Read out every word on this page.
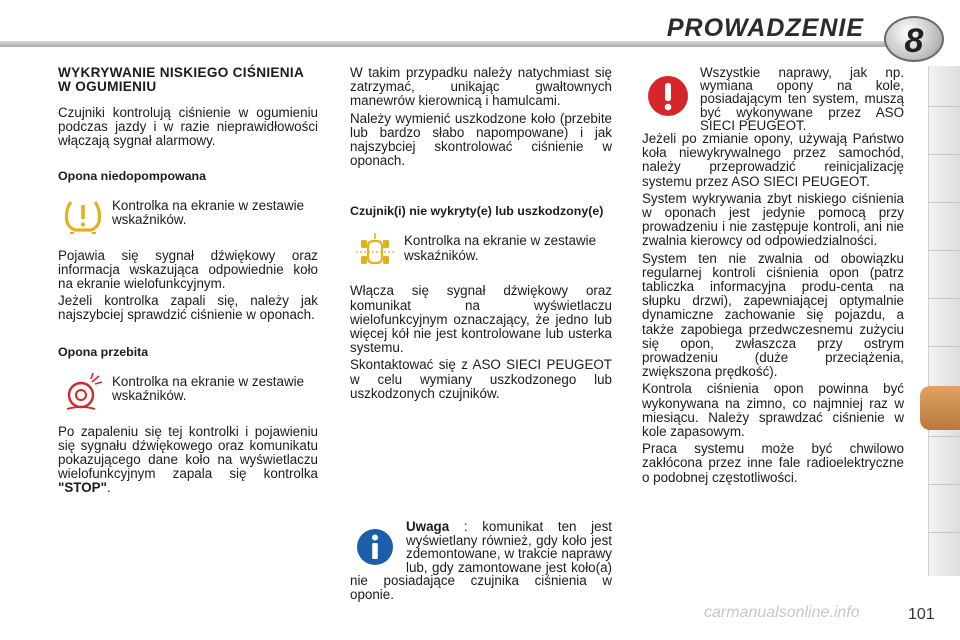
PROWADZENIE	8
WYKRYWANIE NISKIEGO CIŚNIENIA W OGUMIENIU

Czujniki kontrolują ciśnienie w ogumieniu podczas jazdy i w razie nieprawidłowości włączają sygnał alarmowy.

Opona niedopompowana
Kontrolka na ekranie w zestawie wskaźników.

Pojawia się sygnał dźwiękowy oraz informacja wskazująca odpowiednie koło na ekranie wielofunkcyjnym.

Jeżeli kontrolka zapali się, należy jak najszybciej sprawdzić ciśnienie w oponach.

Opona przebita
Kontrolka na ekranie w zestawie wskaźników.

Po zapaleniu się tej kontrolki i pojawieniu się sygnału dźwiękowego oraz komunikatu pokazującego dane koło na wyświetlaczu wielofunkcyjnym zapala się kontrolka "STOP".

W takim przypadku należy natychmiast się zatrzymać, unikając gwałtownych manewrów kierownicą i hamulcami.

Należy wymienić uszkodzone koło (przebite lub bardzo słabo napompowane) i jak najszybciej skontrolować ciśnienie w oponach.

Czujnik(i) nie wykryty(e) lub uszkodzony(e)
Kontrolka na ekranie w zestawie wskaźników.

Włącza się sygnał dźwiękowy oraz komunikat na wyświetlaczu wielofunkcyjnym oznaczający, że jedno lub więcej kół nie jest kontrolowane lub usterka systemu.

Skontaktować się z ASO SIECI PEUGEOT w celu wymiany uszkodzonego lub uszkodzonych czujników.

Uwaga : komunikat ten jest wyświetlany również, gdy koło jest zdemontowane, w trakcie naprawy lub, gdy zamontowane jest koło(a) nie posiadające czujnika ciśnienia w oponie.
Wszystkie naprawy, jak np. wymiana opony na kole, posiadającym ten system, muszą być wykonywane przez ASO SIECI PEUGEOT.

Jeżeli po zmianie opony, używają Państwo koła niewykrywalnego przez samochód, należy przeprowadzić reinicjalizację systemu przez ASO SIECI PEUGEOT.

System wykrywania zbyt niskiego ciśnienia w oponach jest jedynie pomocą przy prowadzeniu i nie zastępuje kontroli, ani nie zwalnia kierowcy od odpowiedzialności.

System ten nie zwalnia od obowiązku regularnej kontroli ciśnienia opon (patrz tabliczka informacyjna produ-centa na słupku drzwi), zapewniającej optymalnie dynamiczne zachowanie się pojazdu, a także zapobiega przedwczesnemu zużyciu się opon, zwłaszcza przy ostrym prowadzeniu (duże przeciążenia, zwiększona prędkość).

Kontrola ciśnienia opon powinna być wykonywana na zimno, co najmniej raz w miesiącu. Należy sprawdzać ciśnienie w kole zapasowym.

Praca systemu może być chwilowo zakłócona przez inne fale radioelektryczne o podobnej częstotliwości.

carmanualsonline.info	101
